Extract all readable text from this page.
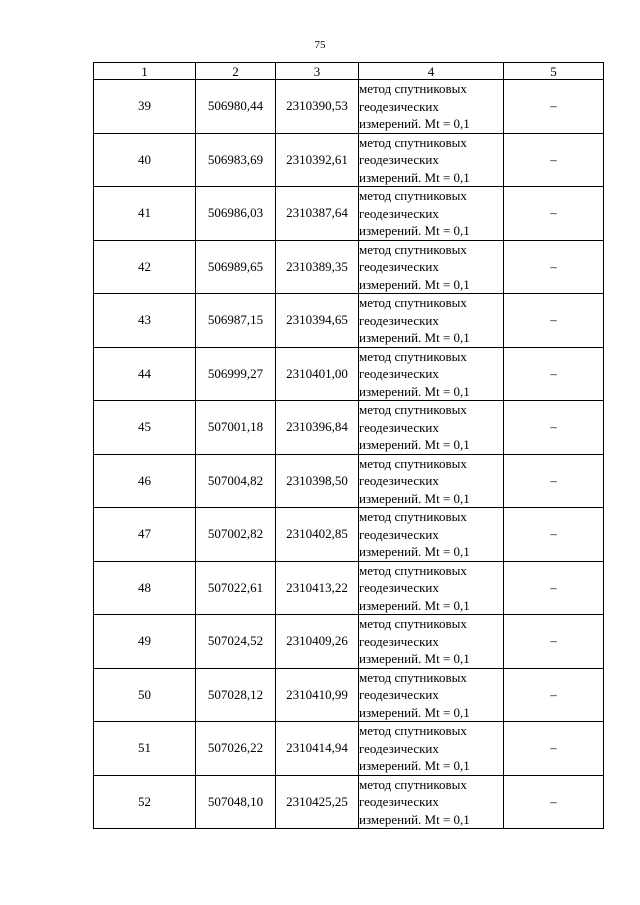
75
1	2	3	4	5
39	506980,44	2310390,53	метод спутниковых
геодезических
измерений. Mt = 0,1	–
40	506983,69	2310392,61	метод спутниковых
геодезических
измерений. Mt = 0,1	–
41	506986,03	2310387,64	метод спутниковых
геодезических
измерений. Mt = 0,1	–
42	506989,65	2310389,35	метод спутниковых
геодезических
измерений. Mt = 0,1	–
43	506987,15	2310394,65	метод спутниковых
геодезических
измерений. Mt = 0,1	–
44	506999,27	2310401,00	метод спутниковых
геодезических
измерений. Mt = 0,1	–
45	507001,18	2310396,84	метод спутниковых
геодезических
измерений. Mt = 0,1	–
46	507004,82	2310398,50	метод спутниковых
геодезических
измерений. Mt = 0,1	–
47	507002,82	2310402,85	метод спутниковых
геодезических
измерений. Mt = 0,1	–
48	507022,61	2310413,22	метод спутниковых
геодезических
измерений. Mt = 0,1	–
49	507024,52	2310409,26	метод спутниковых
геодезических
измерений. Mt = 0,1	–
50	507028,12	2310410,99	метод спутниковых
геодезических
измерений. Mt = 0,1	–
51	507026,22	2310414,94	метод спутниковых
геодезических
измерений. Mt = 0,1	–
52	507048,10	2310425,25	метод спутниковых
геодезических
измерений. Mt = 0,1	–
